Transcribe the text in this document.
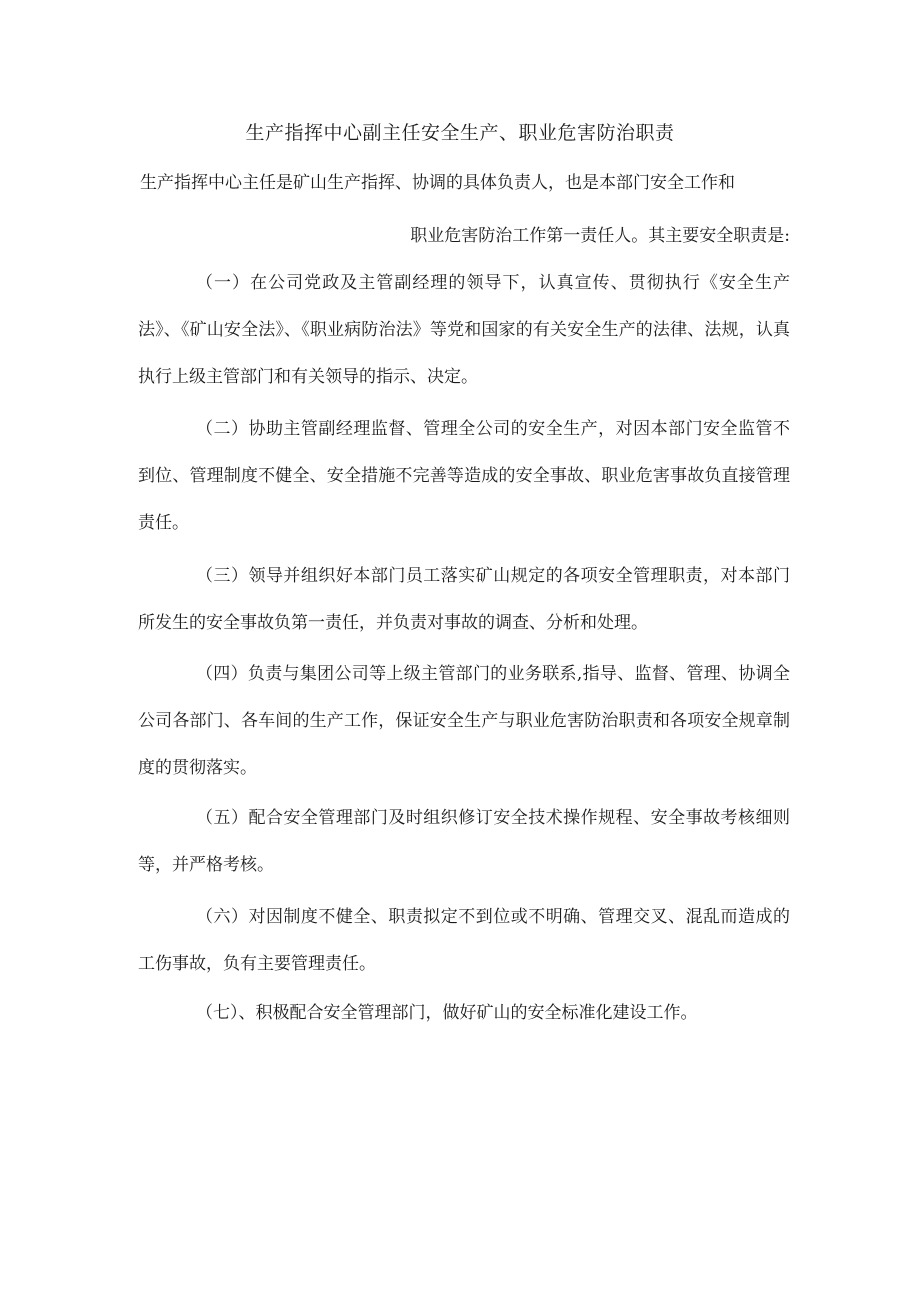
生产指挥中心副主任安全生产、职业危害防治职责

生产指挥中心主任是矿山生产指挥、协调的具体负责人，也是本部门安全工作和

职业危害防治工作第一责任人。其主要安全职责是:

（一）在公司党政及主管副经理的领导下，认真宣传、贯彻执行《安全生产法》、《矿山安全法》、《职业病防治法》等党和国家的有关安全生产的法律、法规，认真执行上级主管部门和有关领导的指示、决定。

（二）协助主管副经理监督、管理全公司的安全生产，对因本部门安全监管不到位、管理制度不健全、安全措施不完善等造成的安全事故、职业危害事故负直接管理责任。

（三）领导并组织好本部门员工落实矿山规定的各项安全管理职责，对本部门所发生的安全事故负第一责任，并负责对事故的调查、分析和处理。

（四）负责与集团公司等上级主管部门的业务联系,指导、监督、管理、协调全公司各部门、各车间的生产工作，保证安全生产与职业危害防治职责和各项安全规章制度的贯彻落实。

（五）配合安全管理部门及时组织修订安全技术操作规程、安全事故考核细则等，并严格考核。

（六）对因制度不健全、职责拟定不到位或不明确、管理交叉、混乱而造成的工伤事故，负有主要管理责任。

（七）、积极配合安全管理部门，做好矿山的安全标准化建设工作。
